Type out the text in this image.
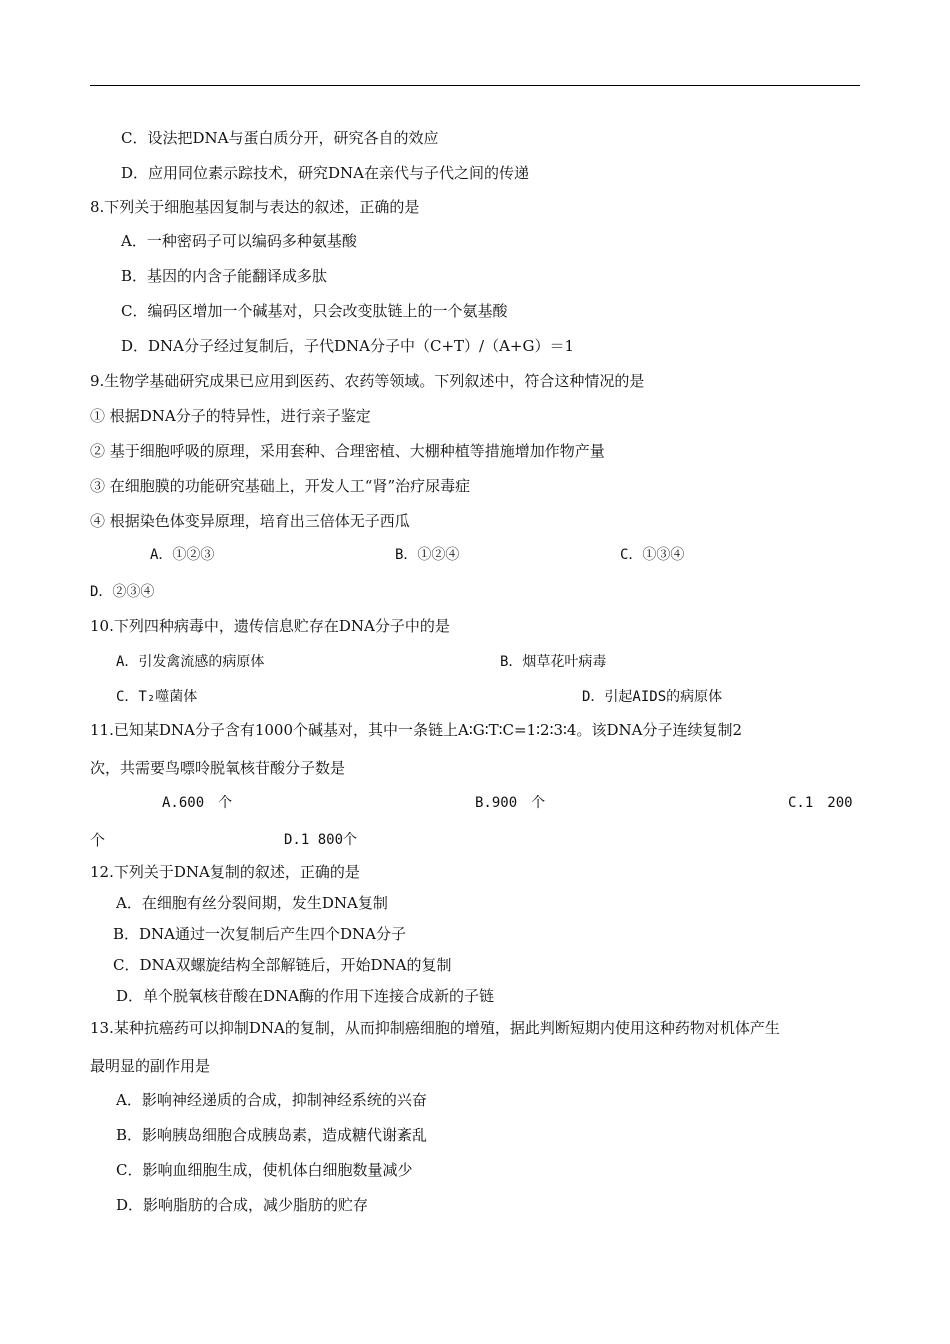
C．设法把DNA与蛋白质分开，研究各自的效应
D．应用同位素示踪技术，研究DNA在亲代与子代之间的传递
8.下列关于细胞基因复制与表达的叙述，正确的是
A．一种密码子可以编码多种氨基酸
B．基因的内含子能翻译成多肽
C．编码区增加一个碱基对，只会改变肽链上的一个氨基酸
D．DNA分子经过复制后，子代DNA分子中（C+T）/（A+G）＝1
9.生物学基础研究成果已应用到医药、农药等领域。下列叙述中，符合这种情况的是
① 根据DNA分子的特异性，进行亲子鉴定
② 基于细胞呼吸的原理，采用套种、合理密植、大棚种植等措施增加作物产量
③ 在细胞膜的功能研究基础上，开发人工“肾”治疗尿毒症
④ 根据染色体变异原理，培育出三倍体无子西瓜
A．①②③	B．①②④	C．①③④
D．②③④
10.下列四种病毒中，遗传信息贮存在DNA分子中的是
A．引发禽流感的病原体	B．烟草花叶病毒
C．T₂噬菌体	D．引起AIDS的病原体
11.已知某DNA分子含有1000个碱基对，其中一条链上A∶G∶T∶C=1∶2∶3∶4。该DNA分子连续复制2
次，共需要鸟嘌呤脱氧核苷酸分子数是
A.600　个	B.900　个	C.1　200
个	D.1 800个
12.下列关于DNA复制的叙述，正确的是
A．在细胞有丝分裂间期，发生DNA复制
B．DNA通过一次复制后产生四个DNA分子
C．DNA双螺旋结构全部解链后，开始DNA的复制
D．单个脱氧核苷酸在DNA酶的作用下连接合成新的子链
13.某种抗癌药可以抑制DNA的复制，从而抑制癌细胞的增殖，据此判断短期内使用这种药物对机体产生
最明显的副作用是
A．影响神经递质的合成，抑制神经系统的兴奋
B．影响胰岛细胞合成胰岛素，造成糖代谢紊乱
C．影响血细胞生成，使机体白细胞数量减少
D．影响脂肪的合成，减少脂肪的贮存
